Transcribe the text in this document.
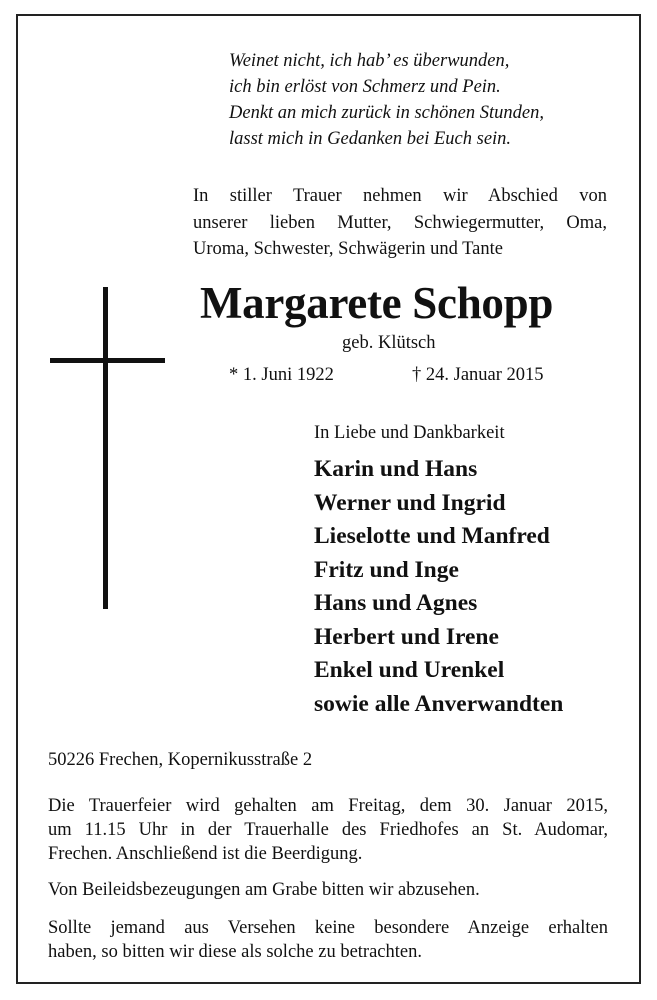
Weinet nicht, ich hab’ es überwunden,
ich bin erlöst von Schmerz und Pein.
Denkt an mich zurück in schönen Stunden,
lasst mich in Gedanken bei Euch sein.
In stiller Trauer nehmen wir Abschied von
unserer lieben Mutter, Schwiegermutter, Oma,
Uroma, Schwester, Schwägerin und Tante
Margarete Schopp
geb. Klütsch
* 1. Juni 1922	† 24. Januar 2015
In Liebe und Dankbarkeit
Karin und Hans
Werner und Ingrid
Lieselotte und Manfred
Fritz und Inge
Hans und Agnes
Herbert und Irene
Enkel und Urenkel
sowie alle Anverwandten
50226 Frechen, Kopernikusstraße 2
Die Trauerfeier wird gehalten am Freitag, dem 30. Januar 2015,
um 11.15 Uhr in der Trauerhalle des Friedhofes an St. Audomar,
Frechen. Anschließend ist die Beerdigung.
Von Beileidsbezeugungen am Grabe bitten wir abzusehen.
Sollte jemand aus Versehen keine besondere Anzeige erhalten
haben, so bitten wir diese als solche zu betrachten.
